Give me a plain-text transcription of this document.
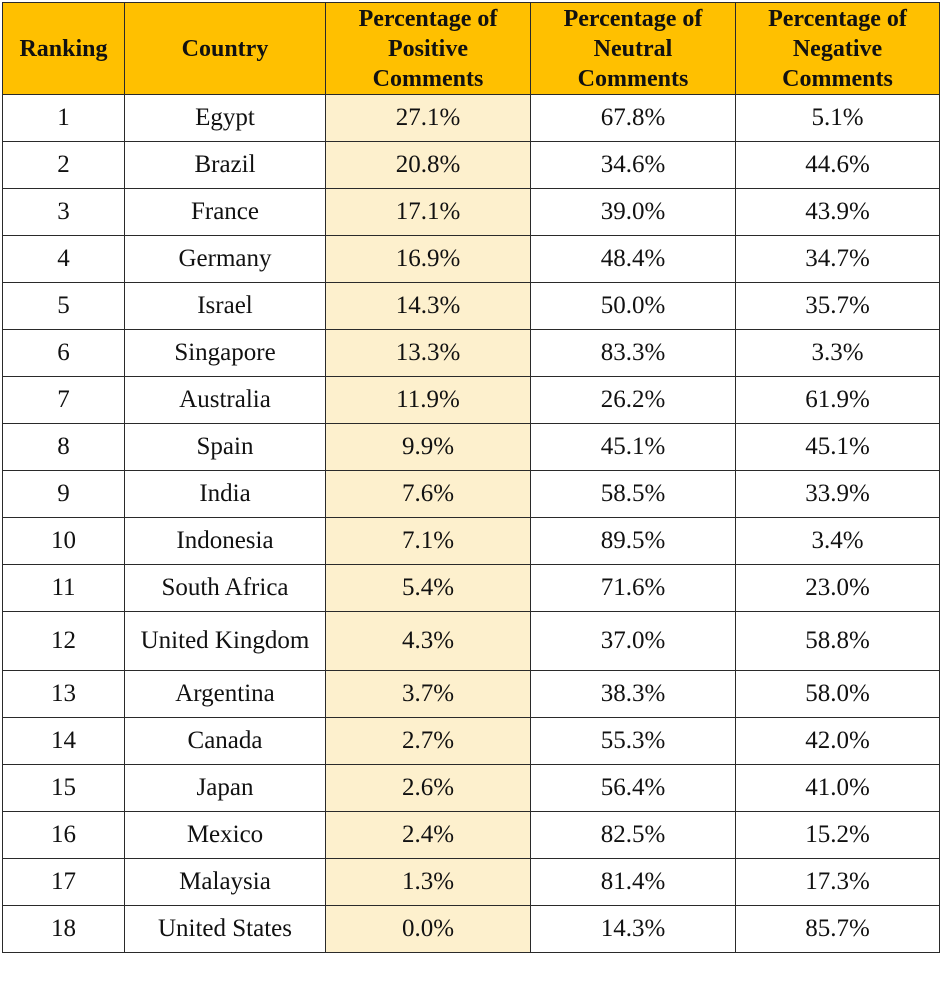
Ranking	Country	Percentage of Positive Comments	Percentage of Neutral Comments	Percentage of Negative Comments
1	Egypt	27.1%	67.8%	5.1%
2	Brazil	20.8%	34.6%	44.6%
3	France	17.1%	39.0%	43.9%
4	Germany	16.9%	48.4%	34.7%
5	Israel	14.3%	50.0%	35.7%
6	Singapore	13.3%	83.3%	3.3%
7	Australia	11.9%	26.2%	61.9%
8	Spain	9.9%	45.1%	45.1%
9	India	7.6%	58.5%	33.9%
10	Indonesia	7.1%	89.5%	3.4%
11	South Africa	5.4%	71.6%	23.0%
12	United Kingdom	4.3%	37.0%	58.8%
13	Argentina	3.7%	38.3%	58.0%
14	Canada	2.7%	55.3%	42.0%
15	Japan	2.6%	56.4%	41.0%
16	Mexico	2.4%	82.5%	15.2%
17	Malaysia	1.3%	81.4%	17.3%
18	United States	0.0%	14.3%	85.7%
